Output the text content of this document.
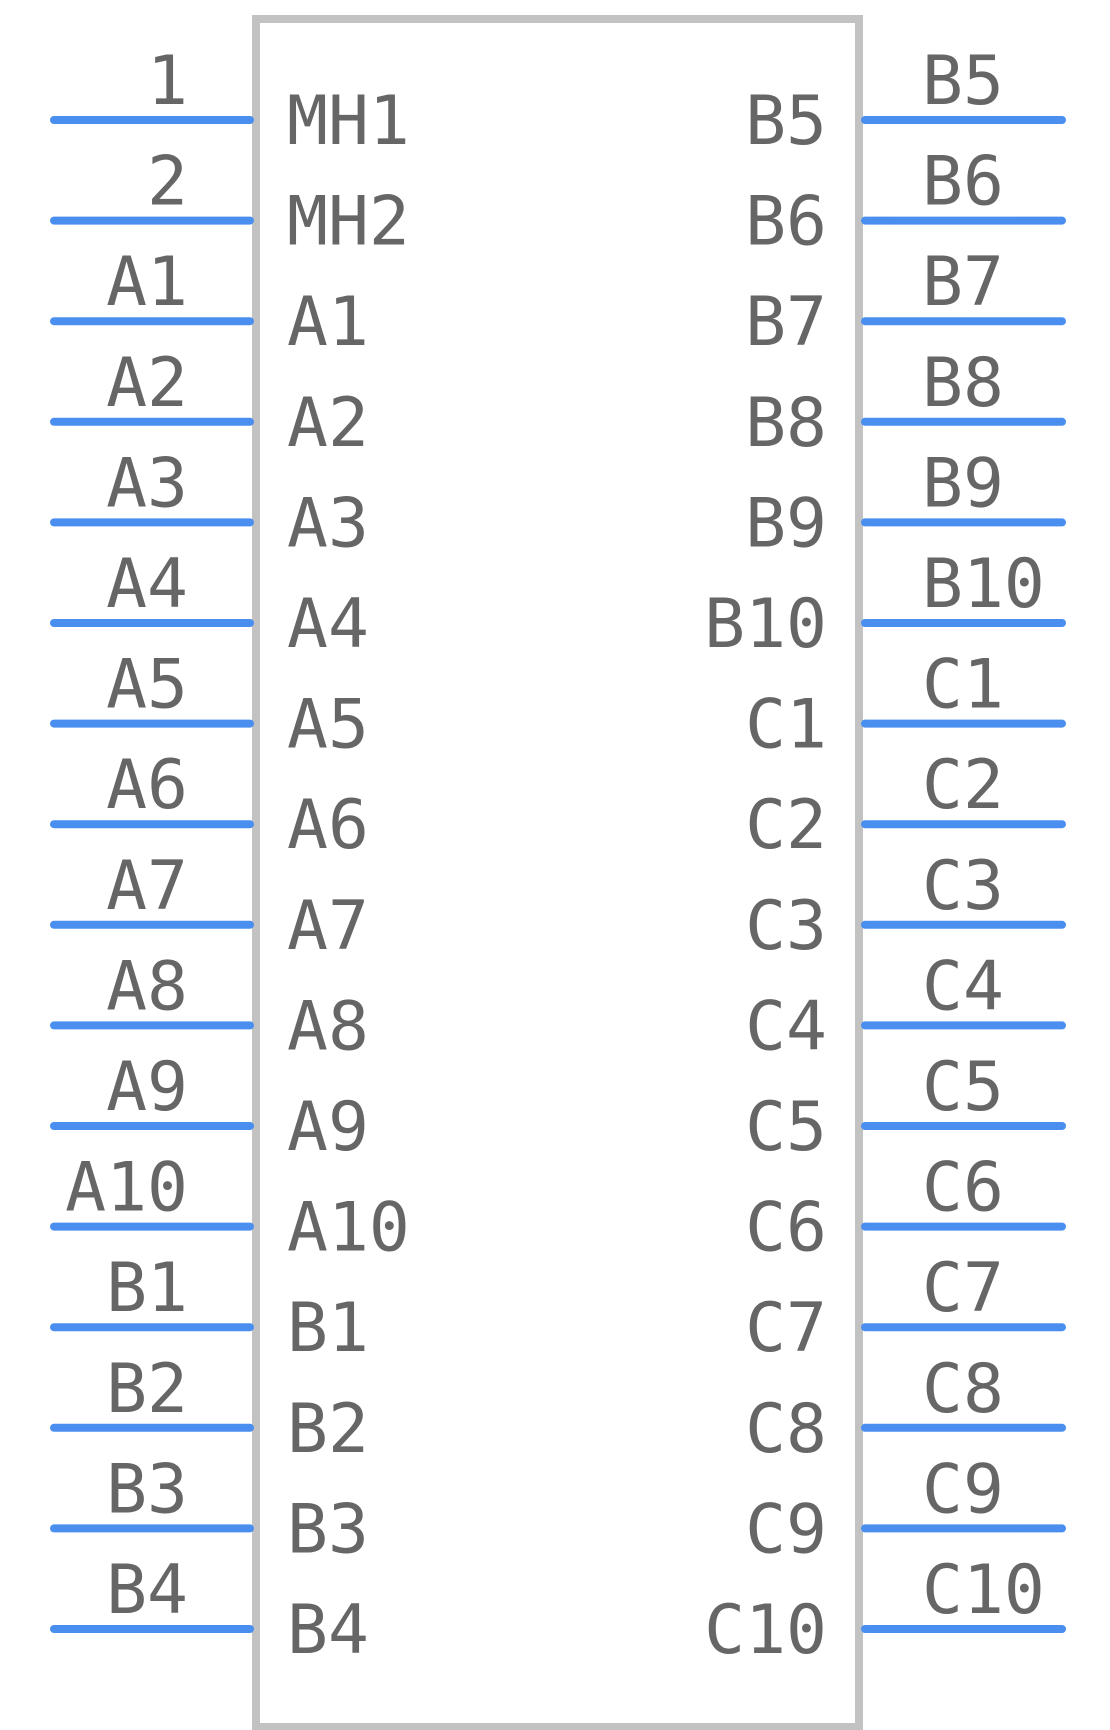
1
MH1
2
MH2
A1
A1
A2
A2
A3
A3
A4
A4
A5
A5
A6
A6
A7
A7
A8
A8
A9
A9
A10
A10
B1
B1
B2
B2
B3
B3
B4
B4
B5
B5
B6
B6
B7
B7
B8
B8
B9
B9
B10
B10
C1
C1
C2
C2
C3
C3
C4
C4
C5
C5
C6
C6
C7
C7
C8
C8
C9
C9
C10
C10
